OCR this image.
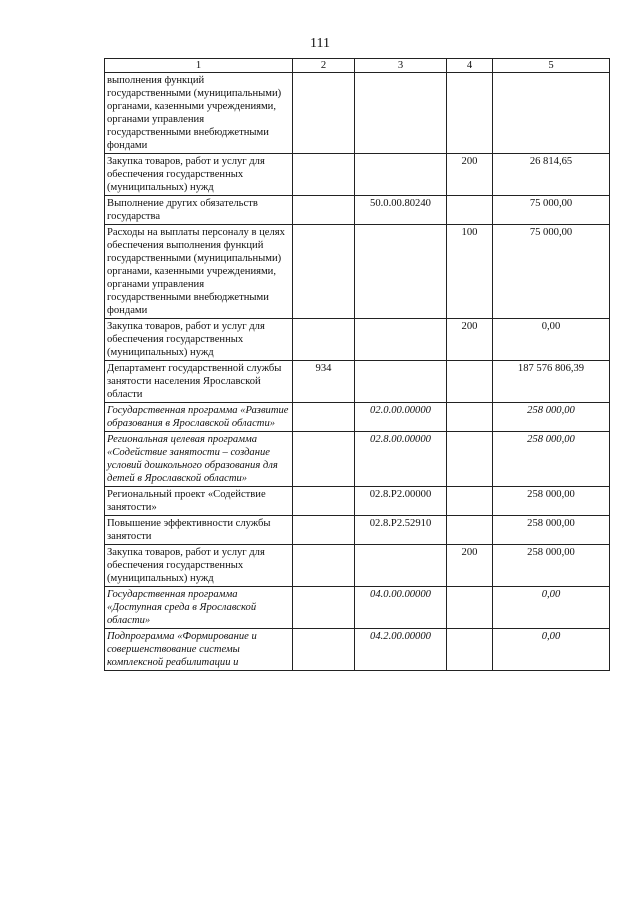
111
1	2	3	4	5
выполнения функций государственными (муниципальными) органами, казенными учреждениями, органами управления государственными внебюджетными фондами				
Закупка товаров, работ и услуг для обеспечения государственных (муниципальных) нужд			200	26 814,65
Выполнение других обязательств государства		50.0.00.80240		75 000,00
Расходы на выплаты персоналу в целях обеспечения выполнения функций государственными (муниципальными) органами, казенными учреждениями, органами управления государственными внебюджетными фондами			100	75 000,00
Закупка товаров, работ и услуг для обеспечения государственных (муниципальных) нужд			200	0,00
Департамент государственной службы занятости населения Ярославской области	934			187 576 806,39
Государственная программа «Развитие образования в Ярославской области»		02.0.00.00000		258 000,00
Региональная целевая программа «Содействие занятости – создание условий дошкольного образования для детей в Ярославской области»		02.8.00.00000		258 000,00
Региональный проект «Содействие занятости»		02.8.P2.00000		258 000,00
Повышение эффективности службы занятости		02.8.P2.52910		258 000,00
Закупка товаров, работ и услуг для обеспечения государственных (муниципальных) нужд			200	258 000,00
Государственная программа «Доступная среда в Ярославской области»		04.0.00.00000		0,00
Подпрограмма «Формирование и совершенствование системы комплексной реабилитации и		04.2.00.00000		0,00
